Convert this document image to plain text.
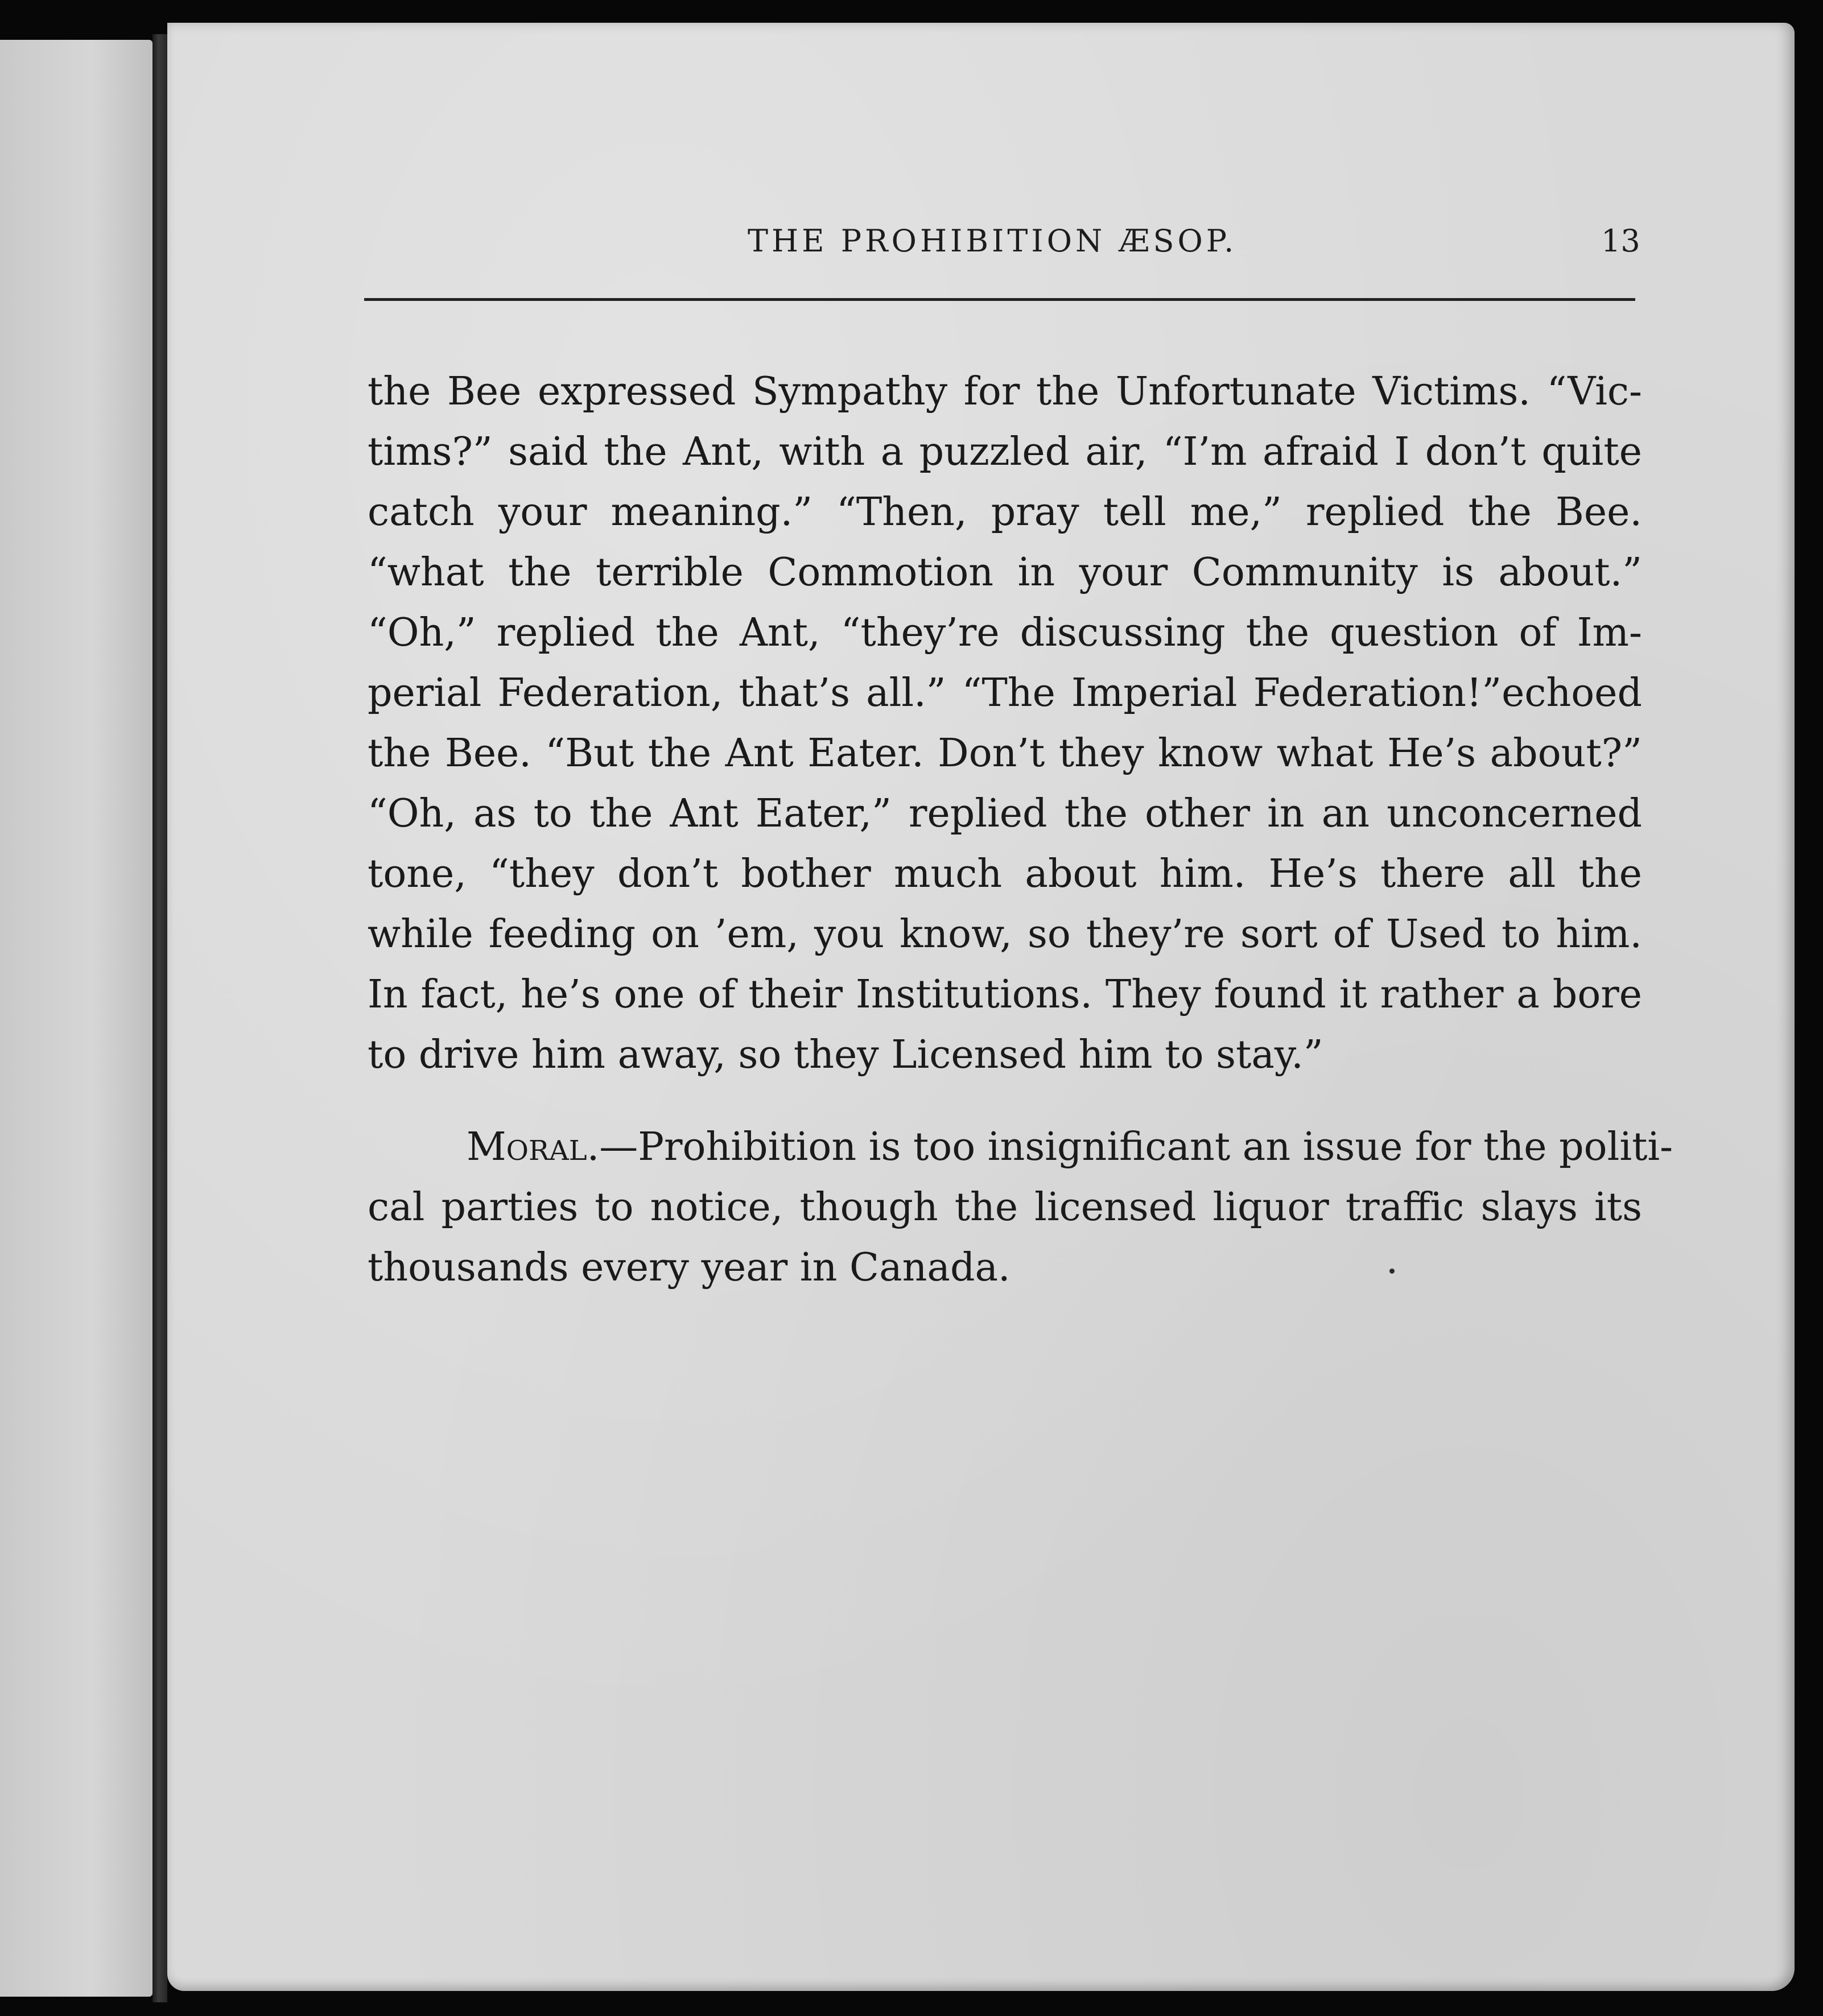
THE PROHIBITION ÆSOP.	13
the Bee expressed Sympathy for the Unfortunate Victims. “Vic-
tims?” said the Ant, with a puzzled air, “I’m afraid I don’t quite
catch your meaning.” “Then, pray tell me,” replied the Bee.
“what the terrible Commotion in your Community is about.”
“Oh,” replied the Ant, “they’re discussing the question of Im-
perial Federation, that’s all.” “The Imperial Federation!”echoed
the Bee. “But the Ant Eater. Don’t they know what He’s about?”
“Oh, as to the Ant Eater,” replied the other in an unconcerned
tone, “they don’t bother much about him. He’s there all the
while feeding on ’em, you know, so they’re sort of Used to him.
In fact, he’s one of their Institutions. They found it rather a bore
to drive him away, so they Licensed him to stay.”
Moral.—Prohibition is too insignificant an issue for the politi-
cal parties to notice, though the licensed liquor traffic slays its
thousands every year in Canada.
